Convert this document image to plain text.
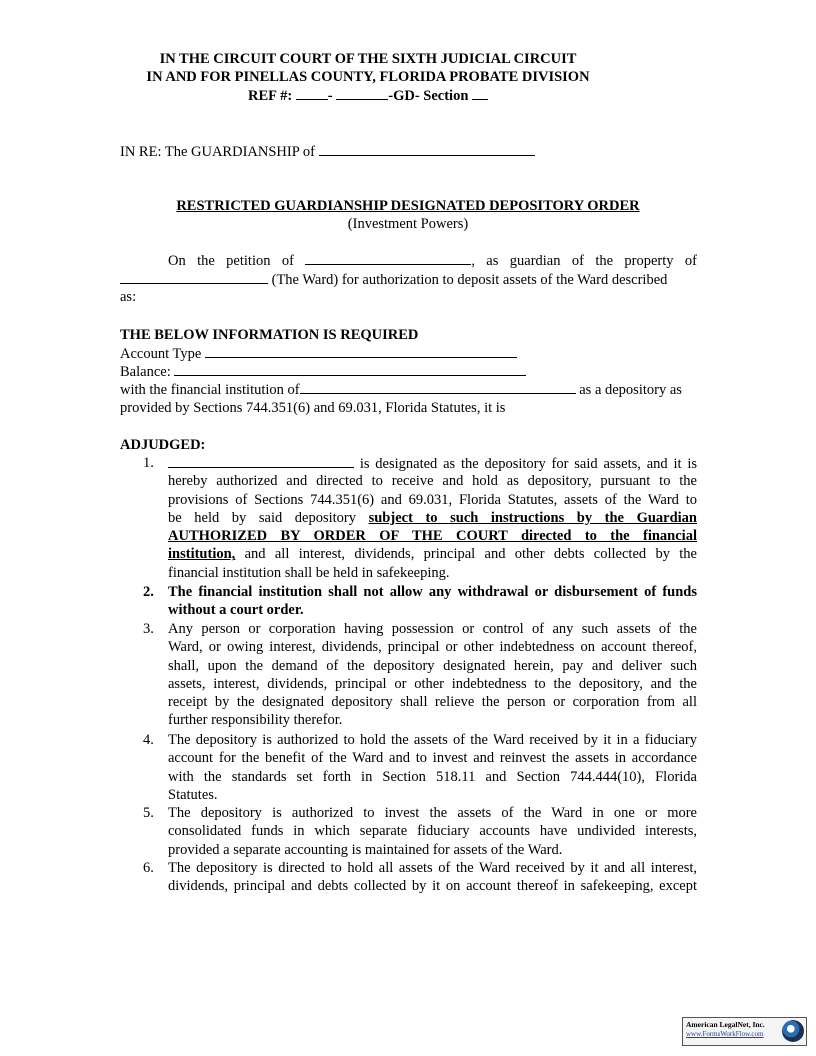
IN THE CIRCUIT COURT OF THE SIXTH JUDICIAL CIRCUIT
IN AND FOR PINELLAS COUNTY, FLORIDA PROBATE DIVISION
REF #: -	-GD- Section
IN RE: The GUARDIANSHIP of
RESTRICTED GUARDIANSHIP DESIGNATED DEPOSITORY ORDER
(Investment Powers)
On the petition of	, as guardian of the property of
(The Ward) for authorization to deposit assets of the Ward described
as:
THE BELOW INFORMATION IS REQUIRED
Account Type
Balance:
with the financial institution of	as a depository as
provided by Sections 744.351(6) and 69.031, Florida Statutes, it is
ADJUDGED:
1.	is designated as the depository for said assets, and it is
hereby authorized and directed to receive and hold as depository, pursuant to the
provisions of Sections 744.351(6) and 69.031, Florida Statutes, assets of the Ward to
be held by said depository subject to such instructions by the Guardian
AUTHORIZED BY ORDER OF THE COURT directed to the financial
institution, and all interest, dividends, principal and other debts collected by the
financial institution shall be held in safekeeping.
2. The financial institution shall not allow any withdrawal or disbursement of funds
without a court order.
3. Any person or corporation having possession or control of any such assets of the
Ward, or owing interest, dividends, principal or other indebtedness on account thereof,
shall, upon the demand of the depository designated herein, pay and deliver such
assets, interest, dividends, principal or other indebtedness to the depository, and the
receipt by the designated depository shall relieve the person or corporation from all
further responsibility therefor.
4. The depository is authorized to hold the assets of the Ward received by it in a fiduciary
account for the benefit of the Ward and to invest and reinvest the assets in accordance
with the standards set forth in Section 518.11 and Section 744.444(10), Florida
Statutes.
5. The depository is authorized to invest the assets of the Ward in one or more
consolidated funds in which separate fiduciary accounts have undivided interests,
provided a separate accounting is maintained for assets of the Ward.
6. The depository is directed to hold all assets of the Ward received by it and all interest,
dividends, principal and debts collected by it on account thereof in safekeeping, except
American LegalNet, Inc.
www.FormsWorkFlow.com
